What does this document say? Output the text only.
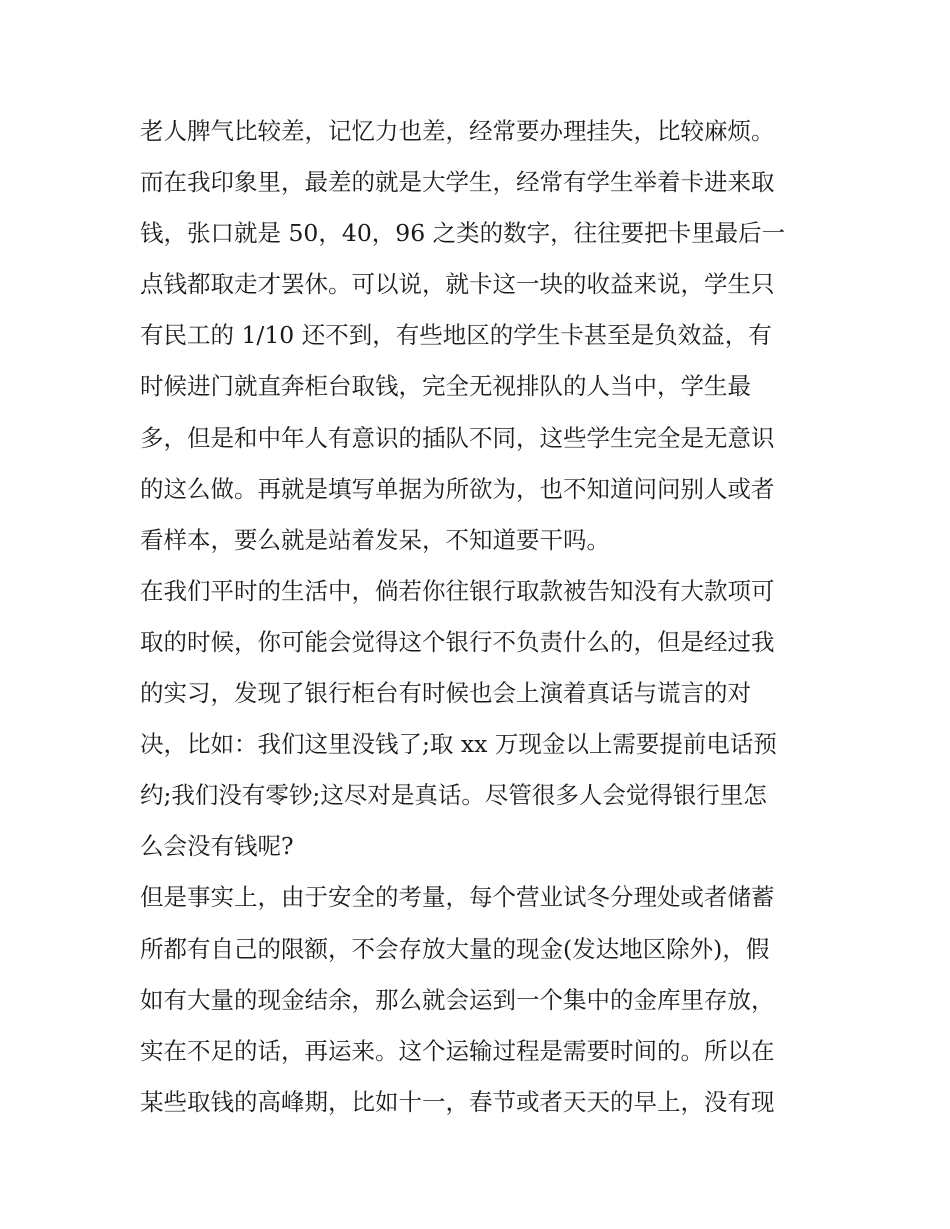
老人脾气比较差，记忆力也差，经常要办理挂失，比较麻烦。
而在我印象里，最差的就是大学生，经常有学生举着卡进来取
钱，张口就是 50，40，96 之类的数字，往往要把卡里最后一
点钱都取走才罢休。可以说，就卡这一块的收益来说，学生只
有民工的 1/10 还不到，有些地区的学生卡甚至是负效益，有
时候进门就直奔柜台取钱，完全无视排队的人当中，学生最
多，但是和中年人有意识的插队不同，这些学生完全是无意识
的这么做。再就是填写单据为所欲为，也不知道问问别人或者
看样本，要么就是站着发呆，不知道要干吗。
在我们平时的生活中，倘若你往银行取款被告知没有大款项可
取的时候，你可能会觉得这个银行不负责什么的，但是经过我
的实习，发现了银行柜台有时候也会上演着真话与谎言的对
决，比如：我们这里没钱了;取 xx 万现金以上需要提前电话预
约;我们没有零钞;这尽对是真话。尽管很多人会觉得银行里怎
么会没有钱呢?
但是事实上，由于安全的考量，每个营业试冬分理处或者储蓄
所都有自己的限额，不会存放大量的现金(发达地区除外)，假
如有大量的现金结余，那么就会运到一个集中的金库里存放，
实在不足的话，再运来。这个运输过程是需要时间的。所以在
某些取钱的高峰期，比如十一，春节或者天天的早上，没有现
